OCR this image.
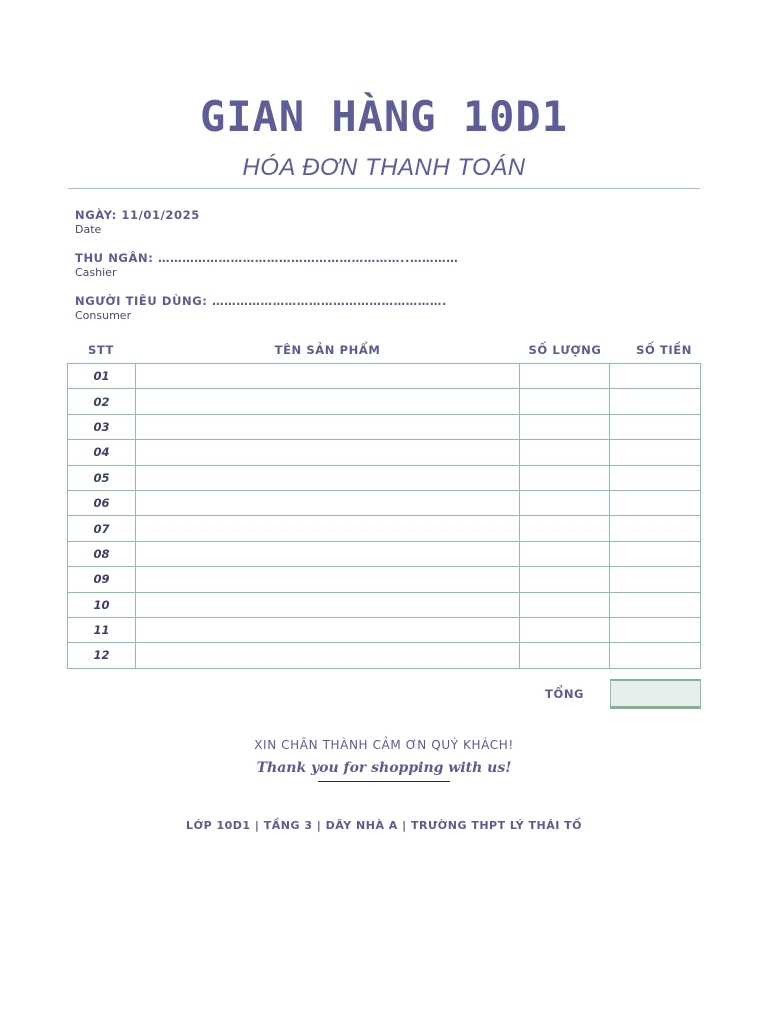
GIAN HÀNG 10D1
HÓA ĐƠN THANH TOÁN
NGÀY: 11/01/2025
Date
THU NGÂN: ……………………………………………………..…………
Cashier
NGƯỜI TIÊU DÙNG: ………………………………………………….
Consumer
STT	TÊN SẢN PHẨM	SỐ LƯỢNG	SỐ TIỀN
01			
02			
03			
04			
05			
06			
07			
08			
09			
10			
11			
12			
TỔNG
XIN CHÂN THÀNH CẢM ƠN QUÝ KHÁCH!
Thank you for shopping with us!
LỚP 10D1 | TẦNG 3 | DÃY NHÀ A | TRƯỜNG THPT LÝ THÁI TỐ
